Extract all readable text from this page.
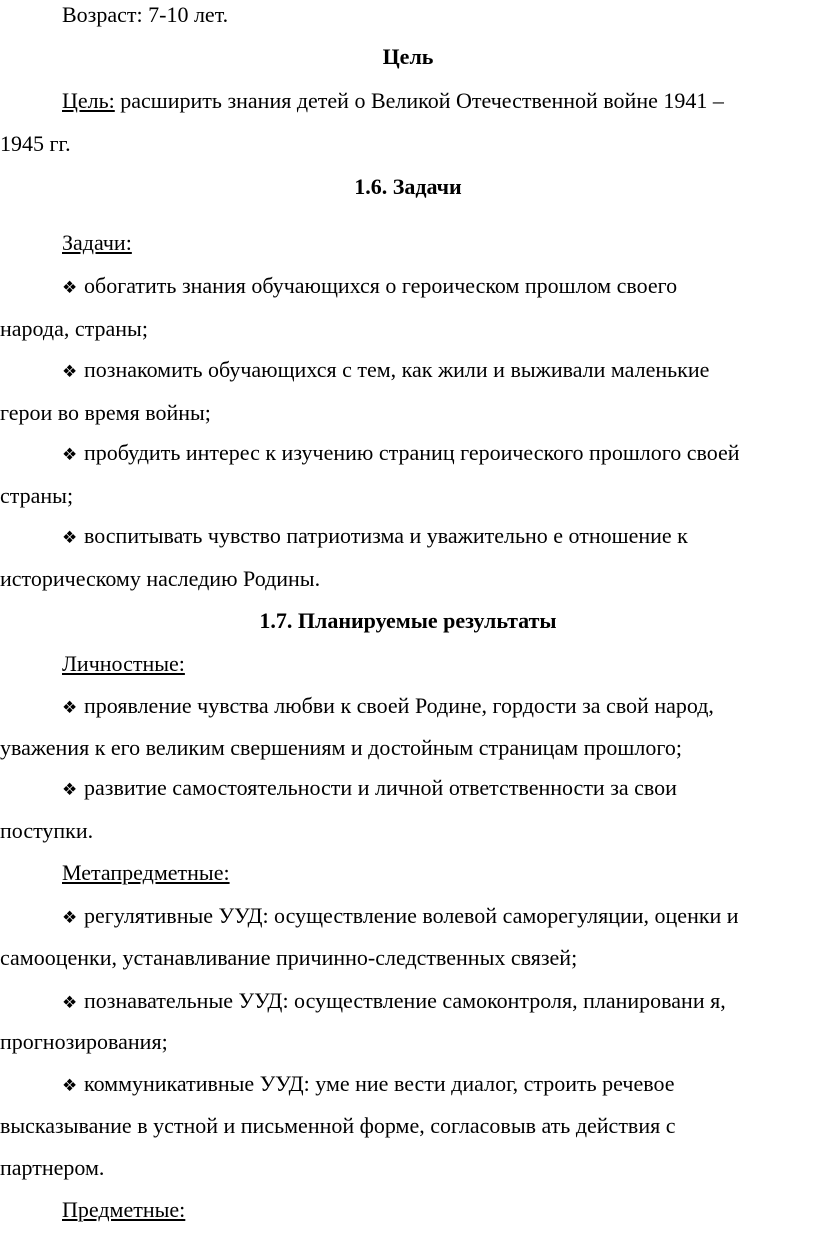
Возраст: 7-10 лет.
Цель
Цель: расширить знания детей о Великой Отечественной войне 1941 –
1945 гг.
1.6. Задачи
Задачи:
❖ обогатить знания обучающихся о героическом прошлом своего
народа, страны;
❖ познакомить обучающихся с тем, как жили и выживали маленькие
герои во время войны;
❖ пробудить интерес к изучению страниц героического прошлого своей
страны;
❖ воспитывать чувство патриотизма и уважительно е отношение к
историческому наследию Родины.
1.7. Планируемые результаты
Личностные:
❖ проявление чувства любви к своей Родине, гордости за свой народ,
уважения к его великим свершениям и достойным страницам прошлого;
❖ развитие самостоятельности и личной ответственности за свои
поступки.
Метапредметные:
❖ регулятивные УУД: осуществление волевой саморегуляции, оценки и
самооценки, устанавливание причинно-следственных связей;
❖ познавательные УУД: осуществление самоконтроля, планировани я,
прогнозирования;
❖ коммуникативные УУД: уме ние вести диалог, строить речевое
высказывание в устной и письменной форме, согласовыв ать действия с
партнером.
Предметные:
